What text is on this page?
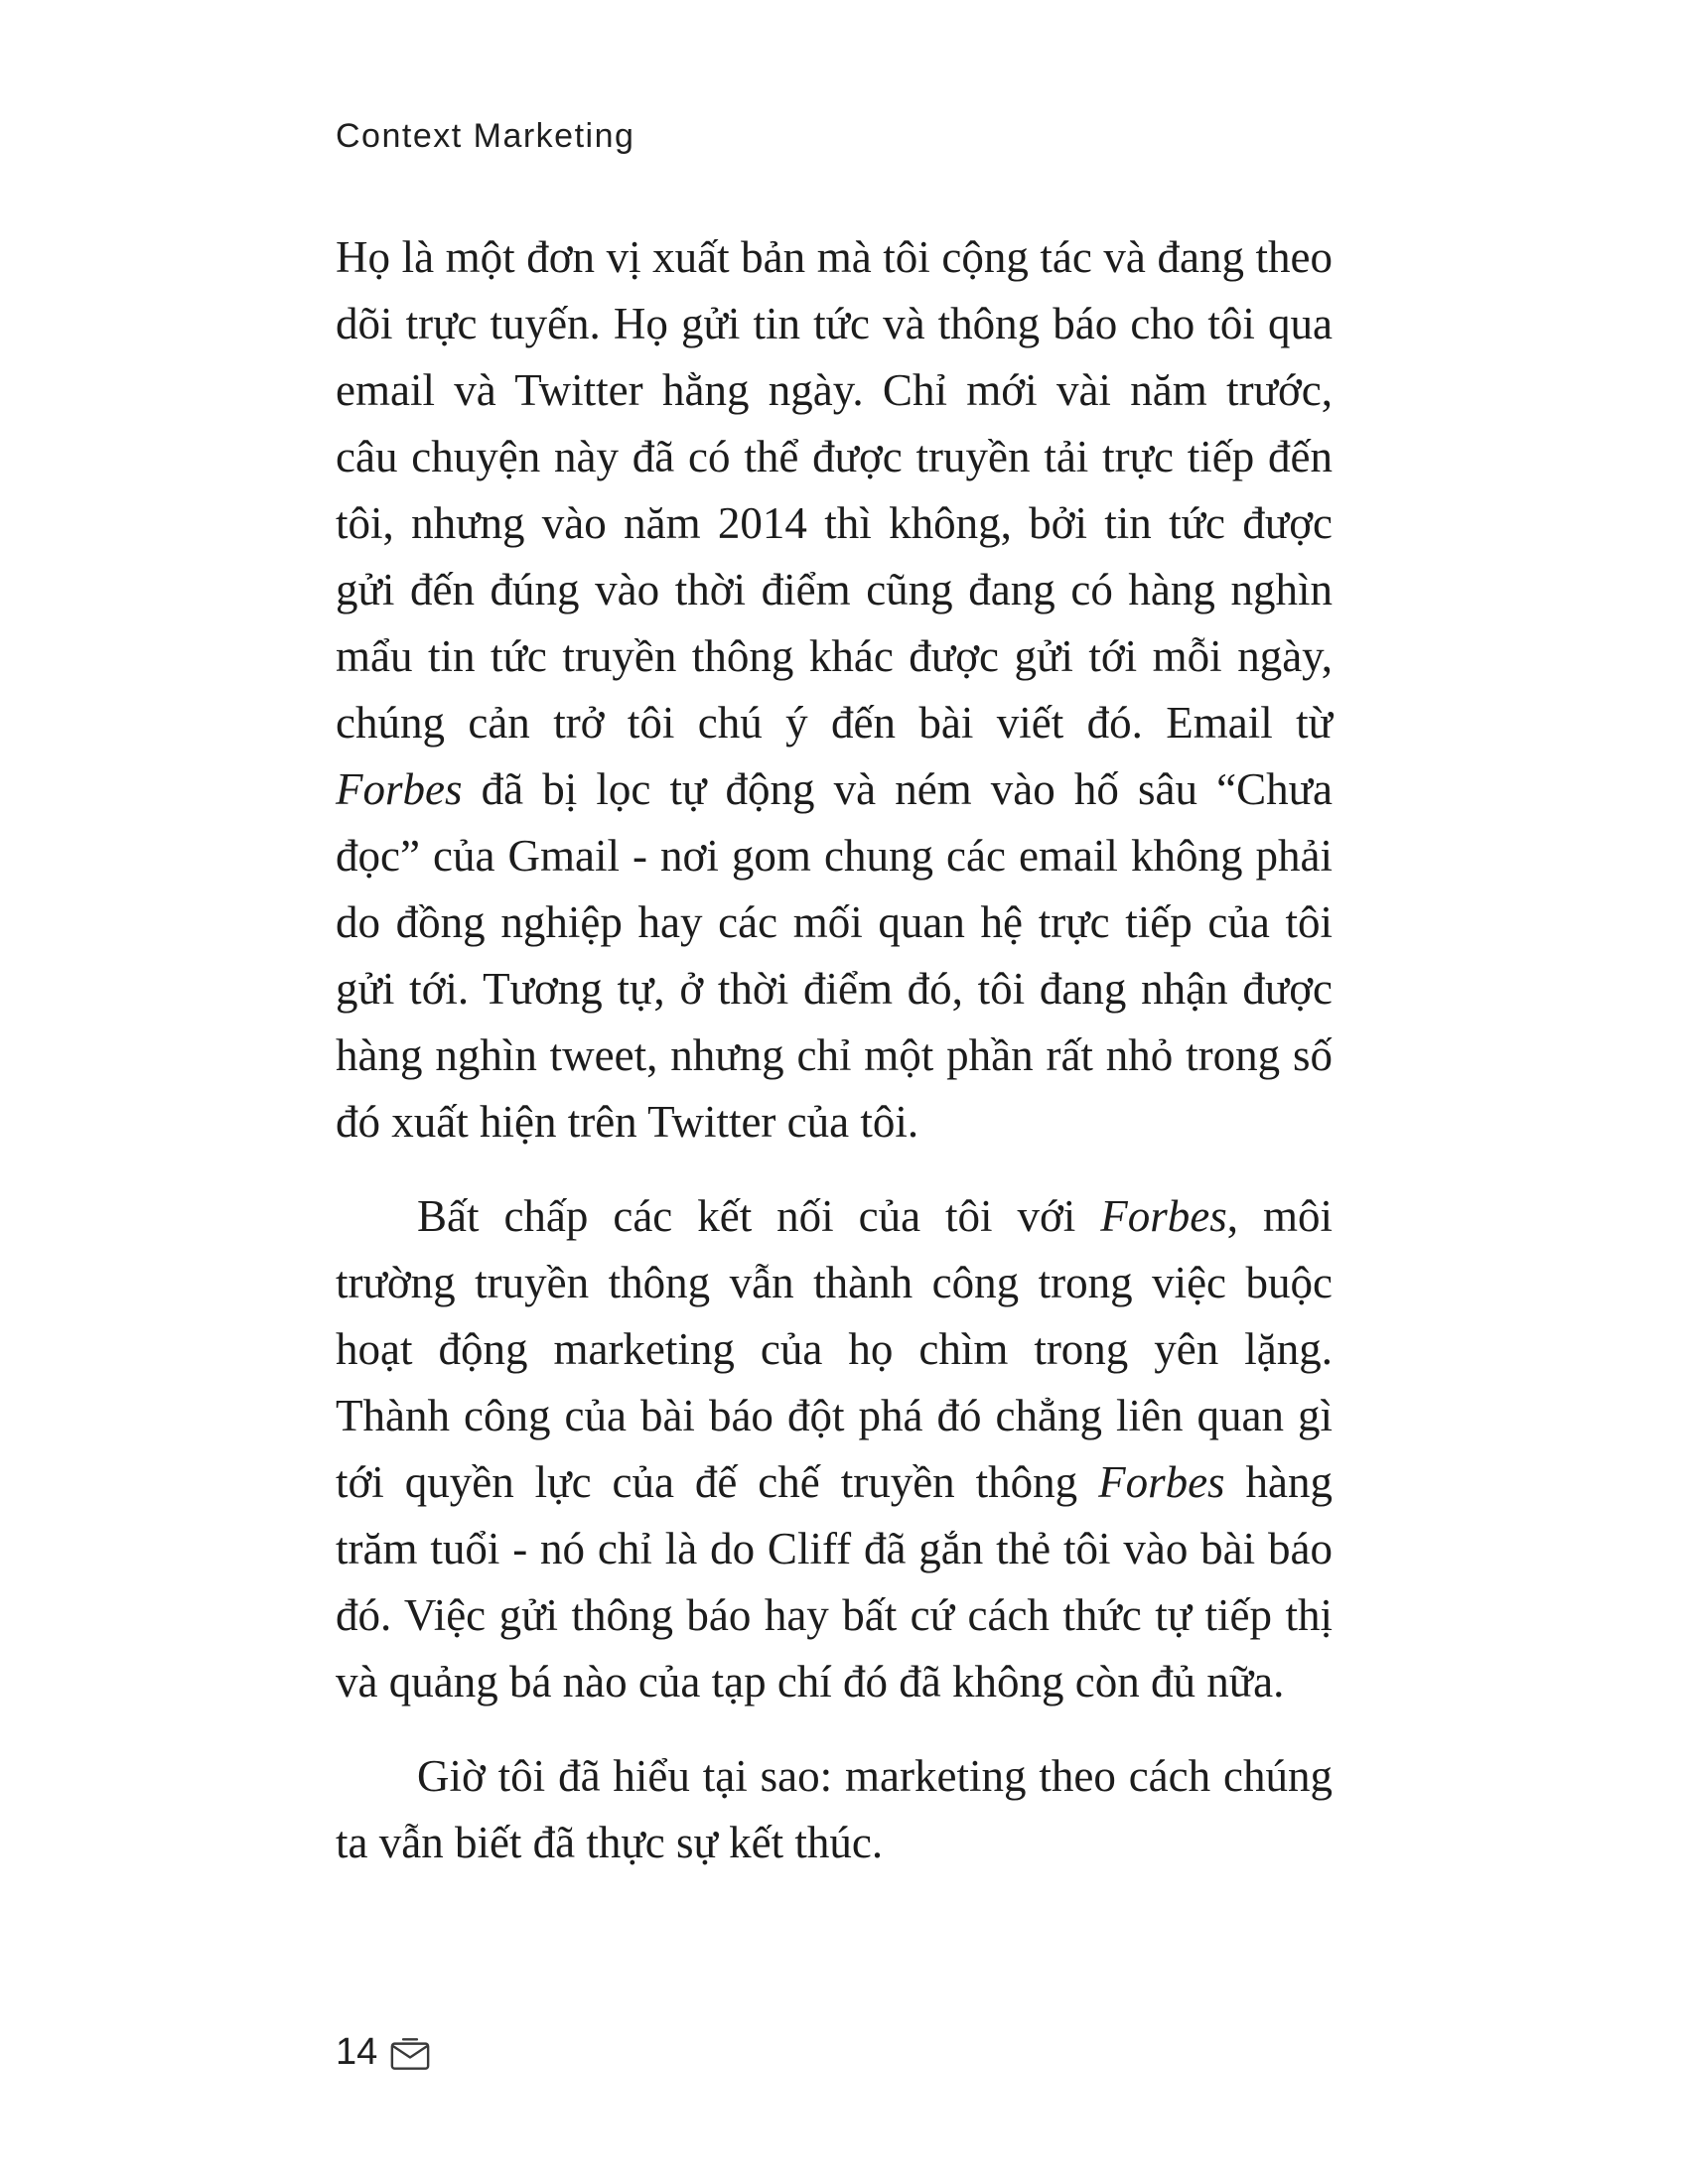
Context Marketing

Họ là một đơn vị xuất bản mà tôi cộng tác và đang theo dõi trực tuyến. Họ gửi tin tức và thông báo cho tôi qua email và Twitter hằng ngày. Chỉ mới vài năm trước, câu chuyện này đã có thể được truyền tải trực tiếp đến tôi, nhưng vào năm 2014 thì không, bởi tin tức được gửi đến đúng vào thời điểm cũng đang có hàng nghìn mẩu tin tức truyền thông khác được gửi tới mỗi ngày, chúng cản trở tôi chú ý đến bài viết đó. Email từ Forbes đã bị lọc tự động và ném vào hố sâu “Chưa đọc” của Gmail - nơi gom chung các email không phải do đồng nghiệp hay các mối quan hệ trực tiếp của tôi gửi tới. Tương tự, ở thời điểm đó, tôi đang nhận được hàng nghìn tweet, nhưng chỉ một phần rất nhỏ trong số đó xuất hiện trên Twitter của tôi.

Bất chấp các kết nối của tôi với Forbes, môi trường truyền thông vẫn thành công trong việc buộc hoạt động marketing của họ chìm trong yên lặng. Thành công của bài báo đột phá đó chẳng liên quan gì tới quyền lực của đế chế truyền thông Forbes hàng trăm tuổi - nó chỉ là do Cliff đã gắn thẻ tôi vào bài báo đó. Việc gửi thông báo hay bất cứ cách thức tự tiếp thị và quảng bá nào của tạp chí đó đã không còn đủ nữa.

Giờ tôi đã hiểu tại sao: marketing theo cách chúng ta vẫn biết đã thực sự kết thúc.

14
